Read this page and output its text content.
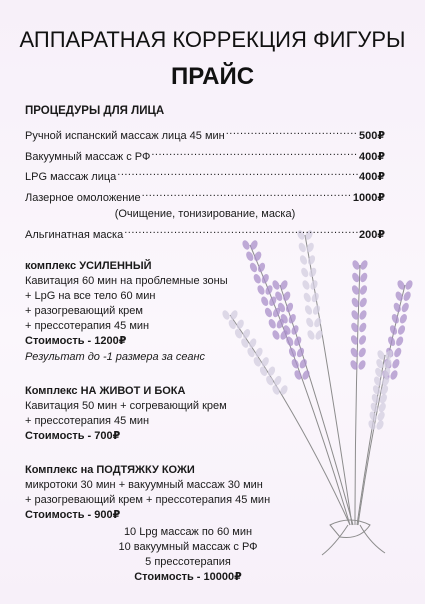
АППАРАТНАЯ КОРРЕКЦИЯ ФИГУРЫ
ПРАЙС
ПРОЦЕДУРЫ ДЛЯ ЛИЦА
Ручной испанский массаж лица 45 мин .....	500₽
Вакуумный массаж с РФ .....	400₽
LPG массаж лица .....	400₽
Лазерное омоложение .....	1000₽
(Очищение, тонизирование, маска)
Альгинатная маска .....	200₽
комплекс УСИЛЕННЫЙ
Кавитация 60 мин на проблемные зоны
+ LpG на все тело 60 мин
+ разогревающий крем
+ прессотерапия 45 мин
Стоимость - 1200₽
Результат до -1 размера за сеанс
Комплекс НА ЖИВОТ И БОКА
Кавитация 50 мин + согревающий крем
+ прессотерапия 45 мин
Стоимость - 700₽
Комплекс на ПОДТЯЖКУ КОЖИ
микротоки 30 мин + вакуумный массаж 30 мин
+ разогревающий крем + прессотерапия 45 мин
Стоимость - 900₽
10 Lpg массаж по 60 мин
10 вакуумный массаж с РФ
5 прессотерапия
Стоимость - 10000₽
